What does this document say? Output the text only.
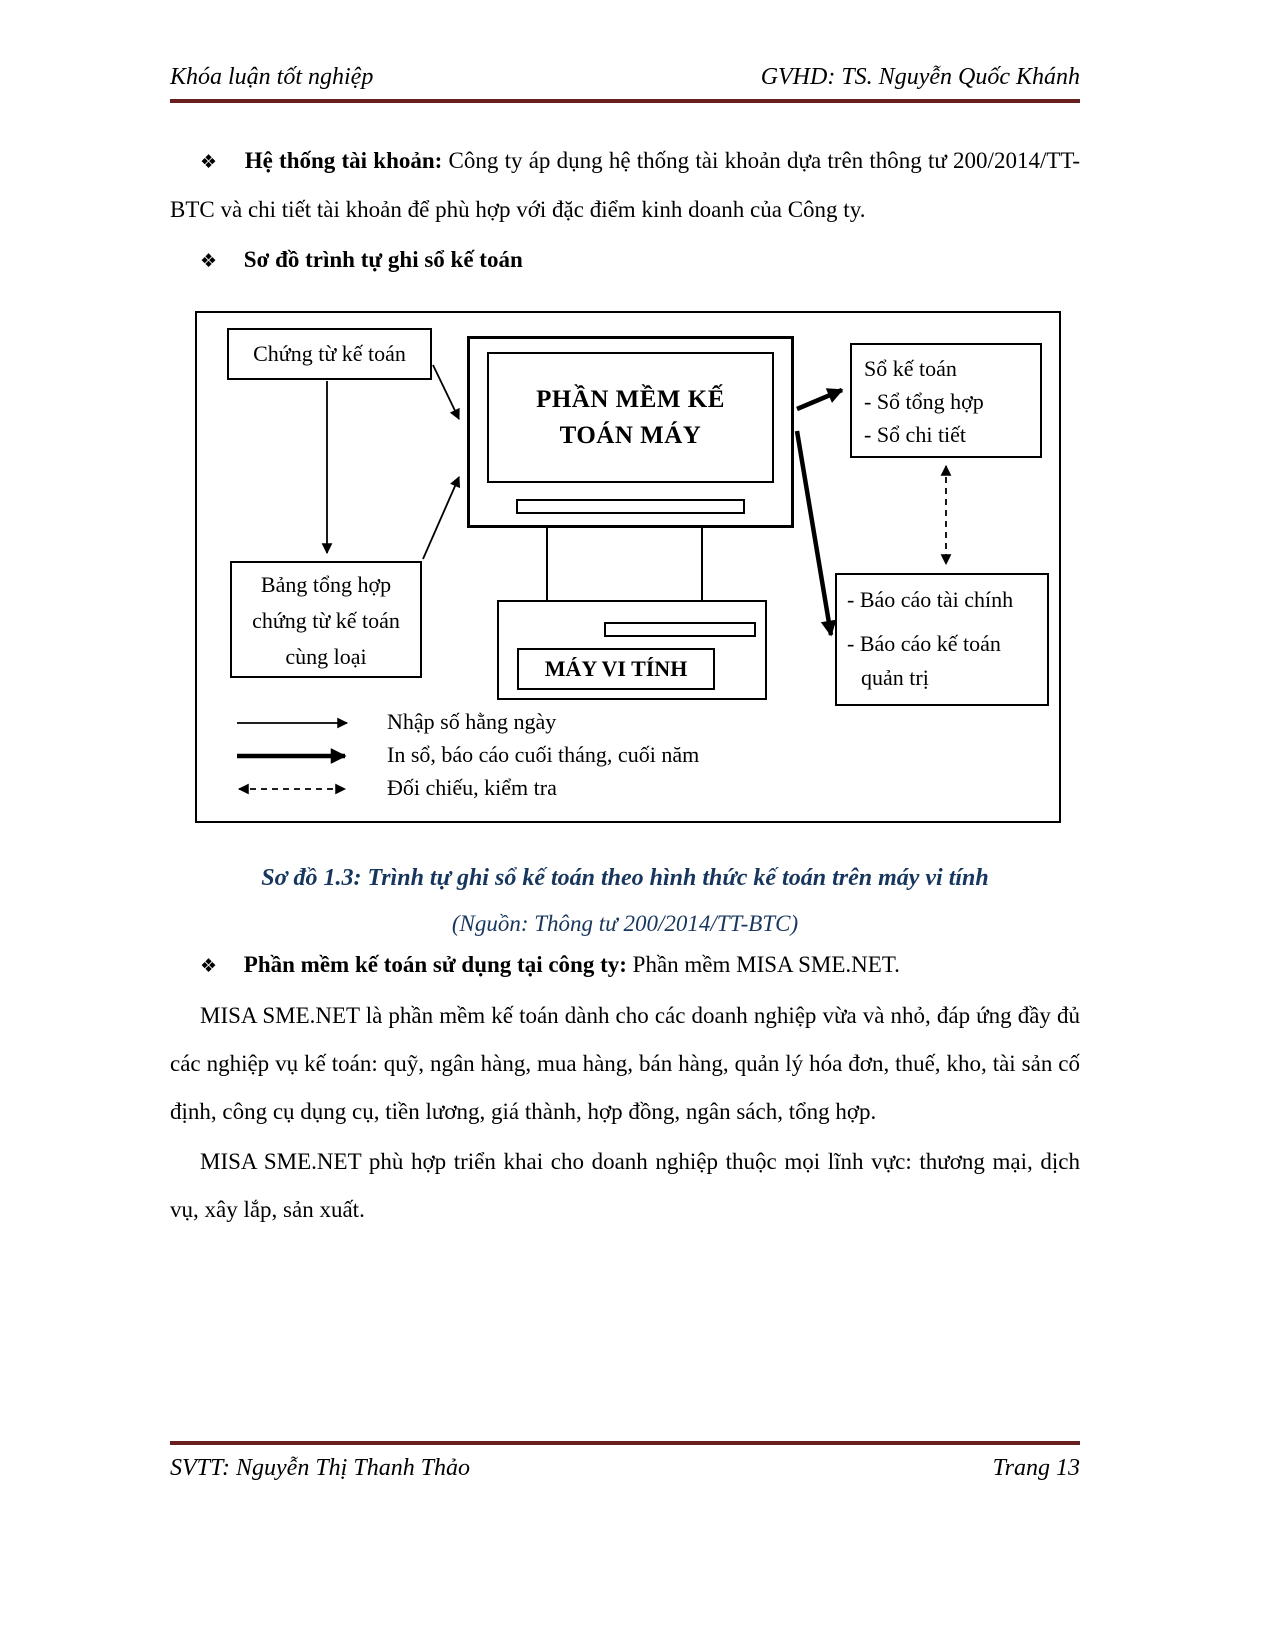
Khóa luận tốt nghiệp	GVHD: TS. Nguyễn Quốc Khánh

❖ Hệ thống tài khoản: Công ty áp dụng hệ thống tài khoản dựa trên thông tư 200/2014/TT-BTC và chi tiết tài khoản để phù hợp với đặc điểm kinh doanh của Công ty.

❖ Sơ đồ trình tự ghi sổ kế toán

Chứng từ kế toán
PHẦN MỀM KẾ
TOÁN MÁY
Sổ kế toán
- Sổ tổng hợp
- Sổ chi tiết
Bảng tổng hợp
chứng từ kế toán
cùng loại	MÁY VI TÍNH
- Báo cáo tài chính
- Báo cáo kế toán
quản trị
Nhập số hằng ngày
In sổ, báo cáo cuối tháng, cuối năm
Đối chiếu, kiểm tra
Sơ đồ 1.3: Trình tự ghi sổ kế toán theo hình thức kế toán trên máy vi tính
(Nguồn: Thông tư 200/2014/TT-BTC)

❖ Phần mềm kế toán sử dụng tại công ty: Phần mềm MISA SME.NET.

MISA SME.NET là phần mềm kế toán dành cho các doanh nghiệp vừa và nhỏ, đáp ứng đầy đủ các nghiệp vụ kế toán: quỹ, ngân hàng, mua hàng, bán hàng, quản lý hóa đơn, thuế, kho, tài sản cố định, công cụ dụng cụ, tiền lương, giá thành, hợp đồng, ngân sách, tổng hợp.

MISA SME.NET phù hợp triển khai cho doanh nghiệp thuộc mọi lĩnh vực: thương mại, dịch vụ, xây lắp, sản xuất.

SVTT: Nguyễn Thị Thanh Thảo	Trang 13
